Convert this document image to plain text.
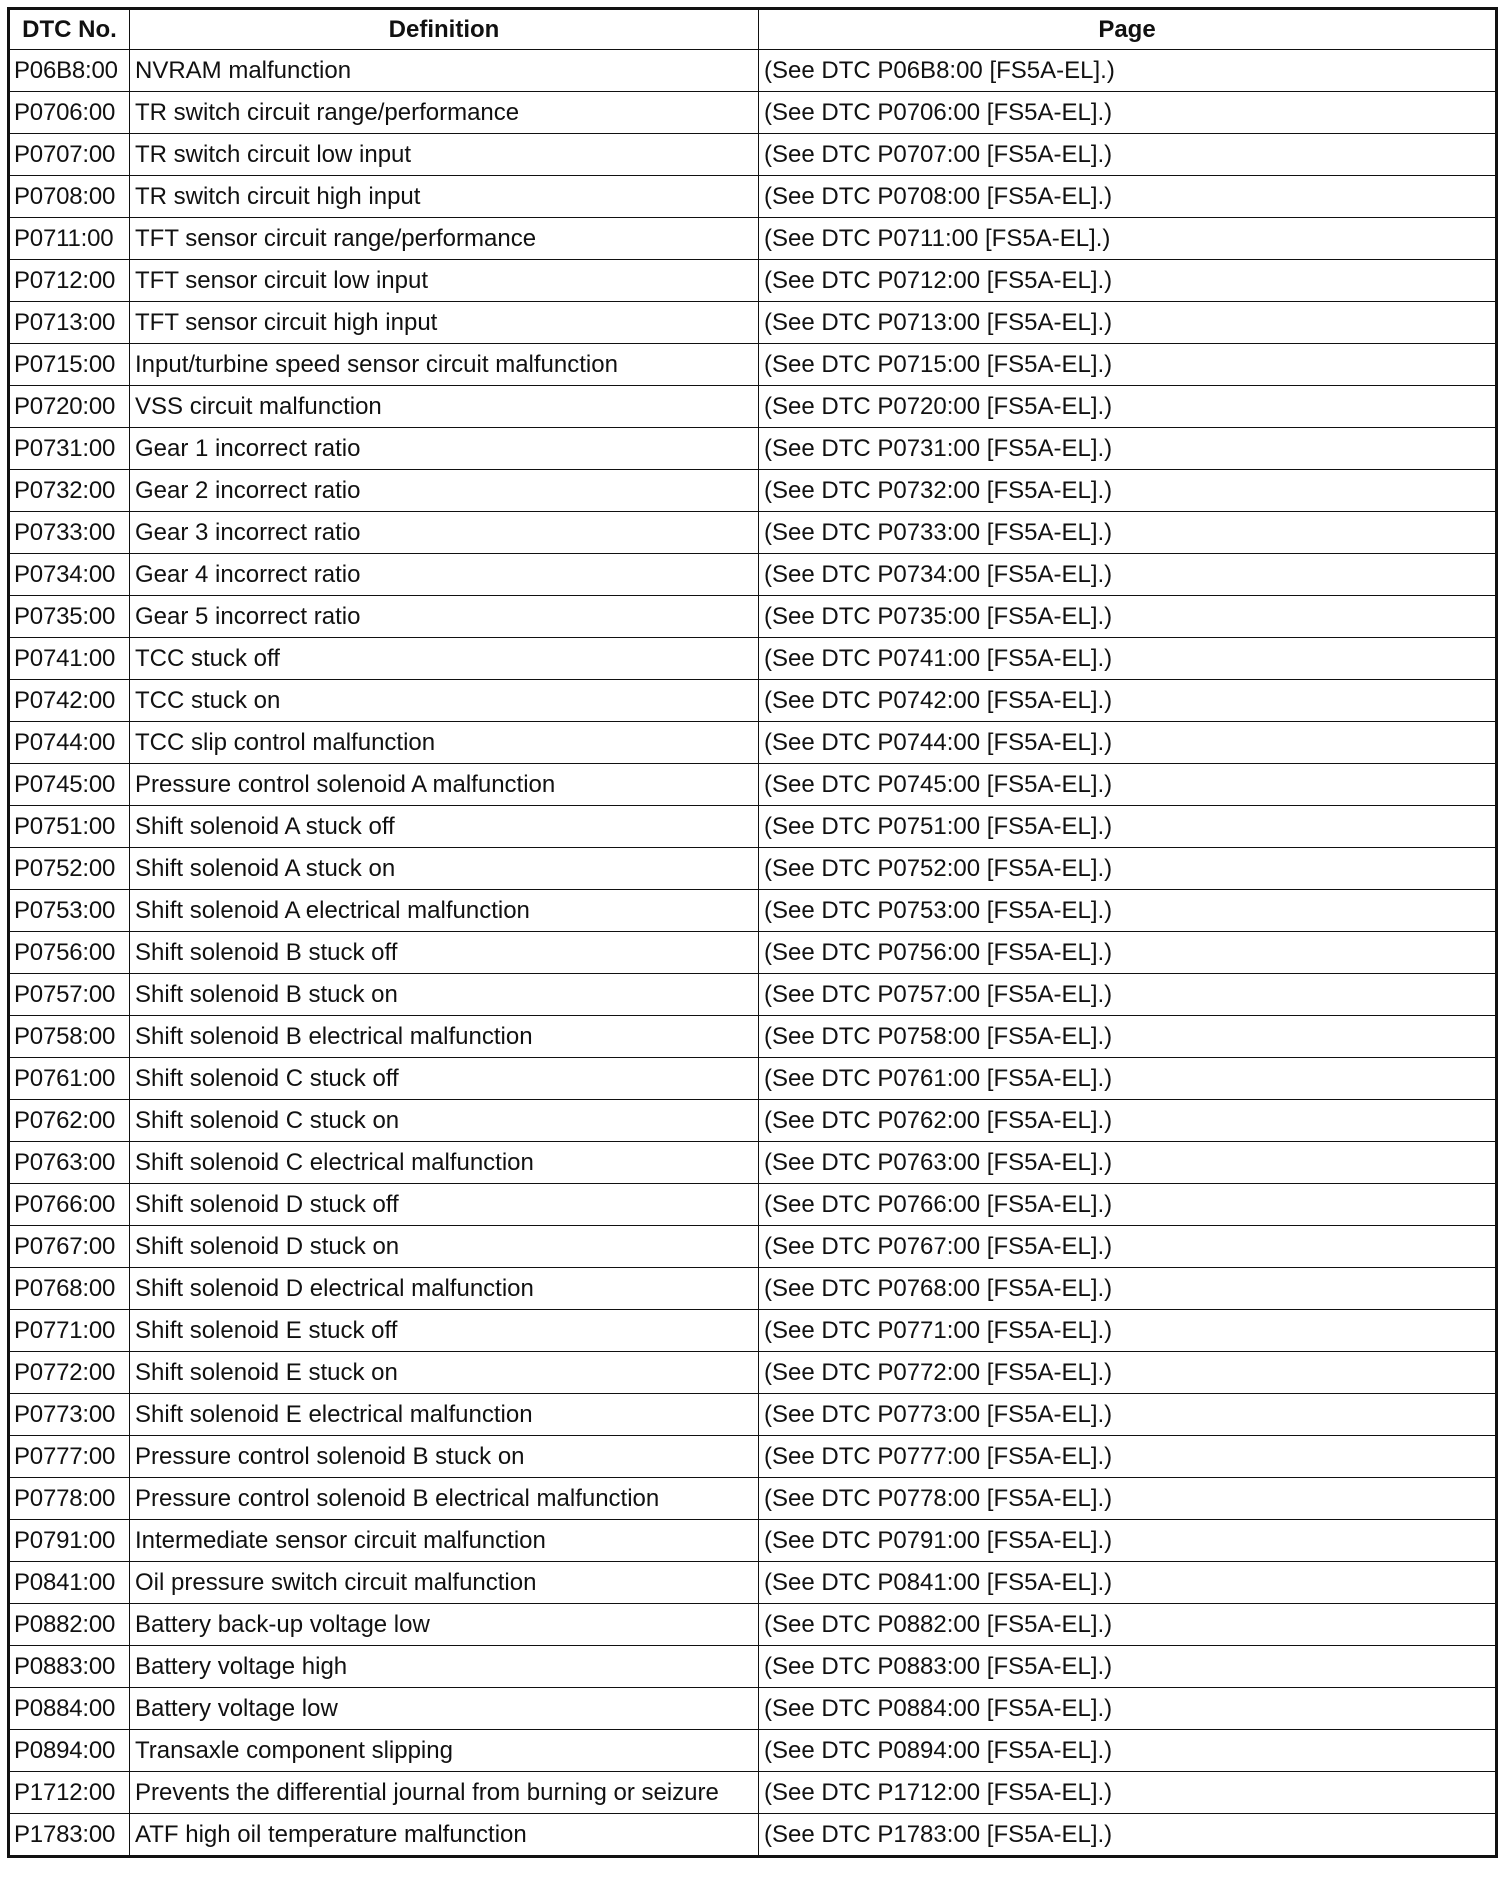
DTC No.	Definition	Page
P06B8:00	NVRAM malfunction	(See DTC P06B8:00 [FS5A-EL].)
P0706:00	TR switch circuit range/performance	(See DTC P0706:00 [FS5A-EL].)
P0707:00	TR switch circuit low input	(See DTC P0707:00 [FS5A-EL].)
P0708:00	TR switch circuit high input	(See DTC P0708:00 [FS5A-EL].)
P0711:00	TFT sensor circuit range/performance	(See DTC P0711:00 [FS5A-EL].)
P0712:00	TFT sensor circuit low input	(See DTC P0712:00 [FS5A-EL].)
P0713:00	TFT sensor circuit high input	(See DTC P0713:00 [FS5A-EL].)
P0715:00	Input/turbine speed sensor circuit malfunction	(See DTC P0715:00 [FS5A-EL].)
P0720:00	VSS circuit malfunction	(See DTC P0720:00 [FS5A-EL].)
P0731:00	Gear 1 incorrect ratio	(See DTC P0731:00 [FS5A-EL].)
P0732:00	Gear 2 incorrect ratio	(See DTC P0732:00 [FS5A-EL].)
P0733:00	Gear 3 incorrect ratio	(See DTC P0733:00 [FS5A-EL].)
P0734:00	Gear 4 incorrect ratio	(See DTC P0734:00 [FS5A-EL].)
P0735:00	Gear 5 incorrect ratio	(See DTC P0735:00 [FS5A-EL].)
P0741:00	TCC stuck off	(See DTC P0741:00 [FS5A-EL].)
P0742:00	TCC stuck on	(See DTC P0742:00 [FS5A-EL].)
P0744:00	TCC slip control malfunction	(See DTC P0744:00 [FS5A-EL].)
P0745:00	Pressure control solenoid A malfunction	(See DTC P0745:00 [FS5A-EL].)
P0751:00	Shift solenoid A stuck off	(See DTC P0751:00 [FS5A-EL].)
P0752:00	Shift solenoid A stuck on	(See DTC P0752:00 [FS5A-EL].)
P0753:00	Shift solenoid A electrical malfunction	(See DTC P0753:00 [FS5A-EL].)
P0756:00	Shift solenoid B stuck off	(See DTC P0756:00 [FS5A-EL].)
P0757:00	Shift solenoid B stuck on	(See DTC P0757:00 [FS5A-EL].)
P0758:00	Shift solenoid B electrical malfunction	(See DTC P0758:00 [FS5A-EL].)
P0761:00	Shift solenoid C stuck off	(See DTC P0761:00 [FS5A-EL].)
P0762:00	Shift solenoid C stuck on	(See DTC P0762:00 [FS5A-EL].)
P0763:00	Shift solenoid C electrical malfunction	(See DTC P0763:00 [FS5A-EL].)
P0766:00	Shift solenoid D stuck off	(See DTC P0766:00 [FS5A-EL].)
P0767:00	Shift solenoid D stuck on	(See DTC P0767:00 [FS5A-EL].)
P0768:00	Shift solenoid D electrical malfunction	(See DTC P0768:00 [FS5A-EL].)
P0771:00	Shift solenoid E stuck off	(See DTC P0771:00 [FS5A-EL].)
P0772:00	Shift solenoid E stuck on	(See DTC P0772:00 [FS5A-EL].)
P0773:00	Shift solenoid E electrical malfunction	(See DTC P0773:00 [FS5A-EL].)
P0777:00	Pressure control solenoid B stuck on	(See DTC P0777:00 [FS5A-EL].)
P0778:00	Pressure control solenoid B electrical malfunction	(See DTC P0778:00 [FS5A-EL].)
P0791:00	Intermediate sensor circuit malfunction	(See DTC P0791:00 [FS5A-EL].)
P0841:00	Oil pressure switch circuit malfunction	(See DTC P0841:00 [FS5A-EL].)
P0882:00	Battery back-up voltage low	(See DTC P0882:00 [FS5A-EL].)
P0883:00	Battery voltage high	(See DTC P0883:00 [FS5A-EL].)
P0884:00	Battery voltage low	(See DTC P0884:00 [FS5A-EL].)
P0894:00	Transaxle component slipping	(See DTC P0894:00 [FS5A-EL].)
P1712:00	Prevents the differential journal from burning or seizure	(See DTC P1712:00 [FS5A-EL].)
P1783:00	ATF high oil temperature malfunction	(See DTC P1783:00 [FS5A-EL].)
